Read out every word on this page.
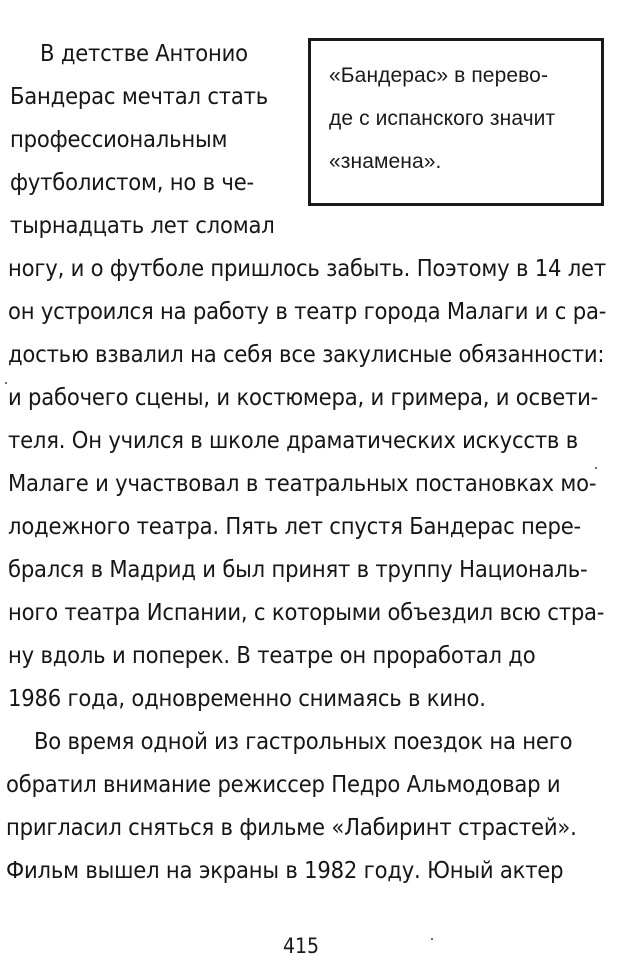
«Бандерас» в перево-
де с испанского значит
«знамена».
В детстве Антонио
Бандерас мечтал стать
профессиональным
футболистом, но в че-
тырнадцать лет сломал
ногу, и о футболе пришлось забыть. Поэтому в 14 лет
он устроился на работу в театр города Малаги и с ра-
достью взвалил на себя все закулисные обязанности:
и рабочего сцены, и костюмера, и гримера, и освети-
теля. Он учился в школе драматических искусств в
Малаге и участвовал в театральных постановках мо-
лодежного театра. Пять лет спустя Бандерас пере-
брался в Мадрид и был принят в труппу Националь-
ного театра Испании, с которыми объездил всю стра-
ну вдоль и поперек. В театре он проработал до
1986 года, одновременно снимаясь в кино.
Во время одной из гастрольных поездок на него
обратил внимание режиссер Педро Альмодовар и
пригласил сняться в фильме «Лабиринт страстей».
Фильм вышел на экраны в 1982 году. Юный актер
415
